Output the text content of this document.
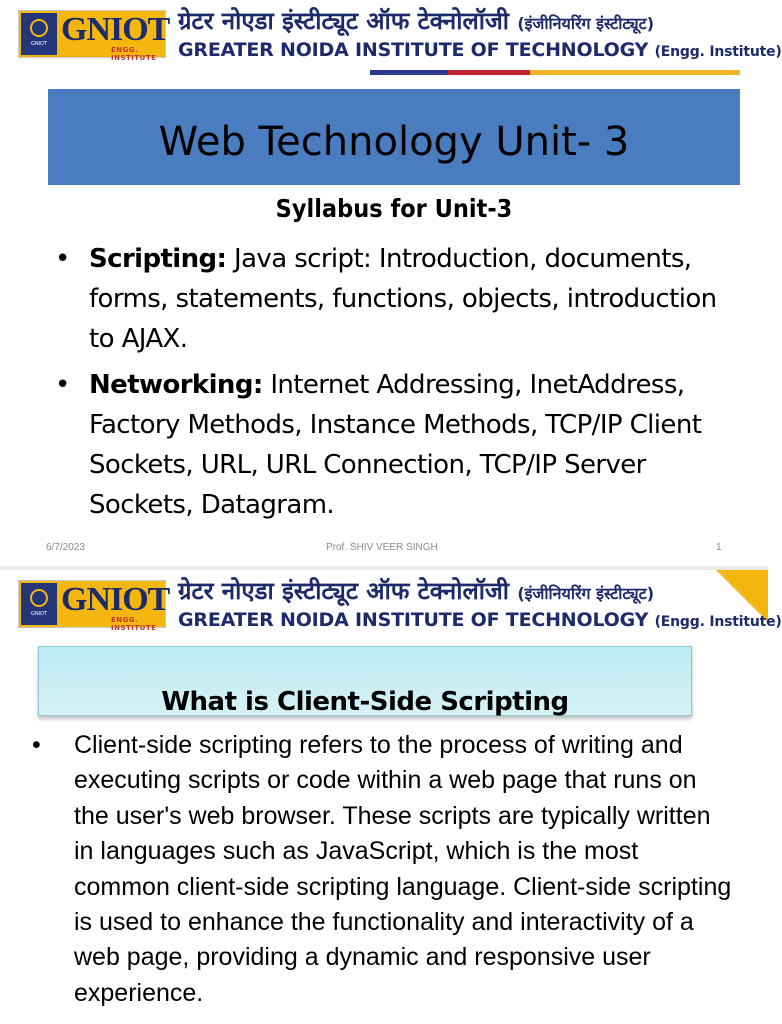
GNIOT GNIOT
ENGG. INSTITUTE
ग्रेटर नोएडा इंस्टीट्यूट ऑफ टेक्नोलॉजी (इंजीनियरिंग इंस्टीट्यूट)
GREATER NOIDA INSTITUTE OF TECHNOLOGY (Engg. Institute)
Web Technology Unit- 3
Syllabus for Unit-3
• Scripting: Java script: Introduction, documents, forms, statements, functions, objects, introduction to AJAX.
• Networking: Internet Addressing, InetAddress, Factory Methods, Instance Methods, TCP/IP Client Sockets, URL, URL Connection, TCP/IP Server Sockets, Datagram.
6/7/2023	Prof. SHIV VEER SINGH	1
GNIOT GNIOT
ENGG. INSTITUTE
ग्रेटर नोएडा इंस्टीट्यूट ऑफ टेक्नोलॉजी (इंजीनियरिंग इंस्टीट्यूट)
GREATER NOIDA INSTITUTE OF TECHNOLOGY (Engg. Institute)
What is Client-Side Scripting
•	Client-side scripting refers to the process of writing and executing scripts or code within a web page that runs on the user's web browser. These scripts are typically written in languages such as JavaScript, which is the most common client-side scripting language. Client-side scripting is used to enhance the functionality and interactivity of a web page, providing a dynamic and responsive user experience.
